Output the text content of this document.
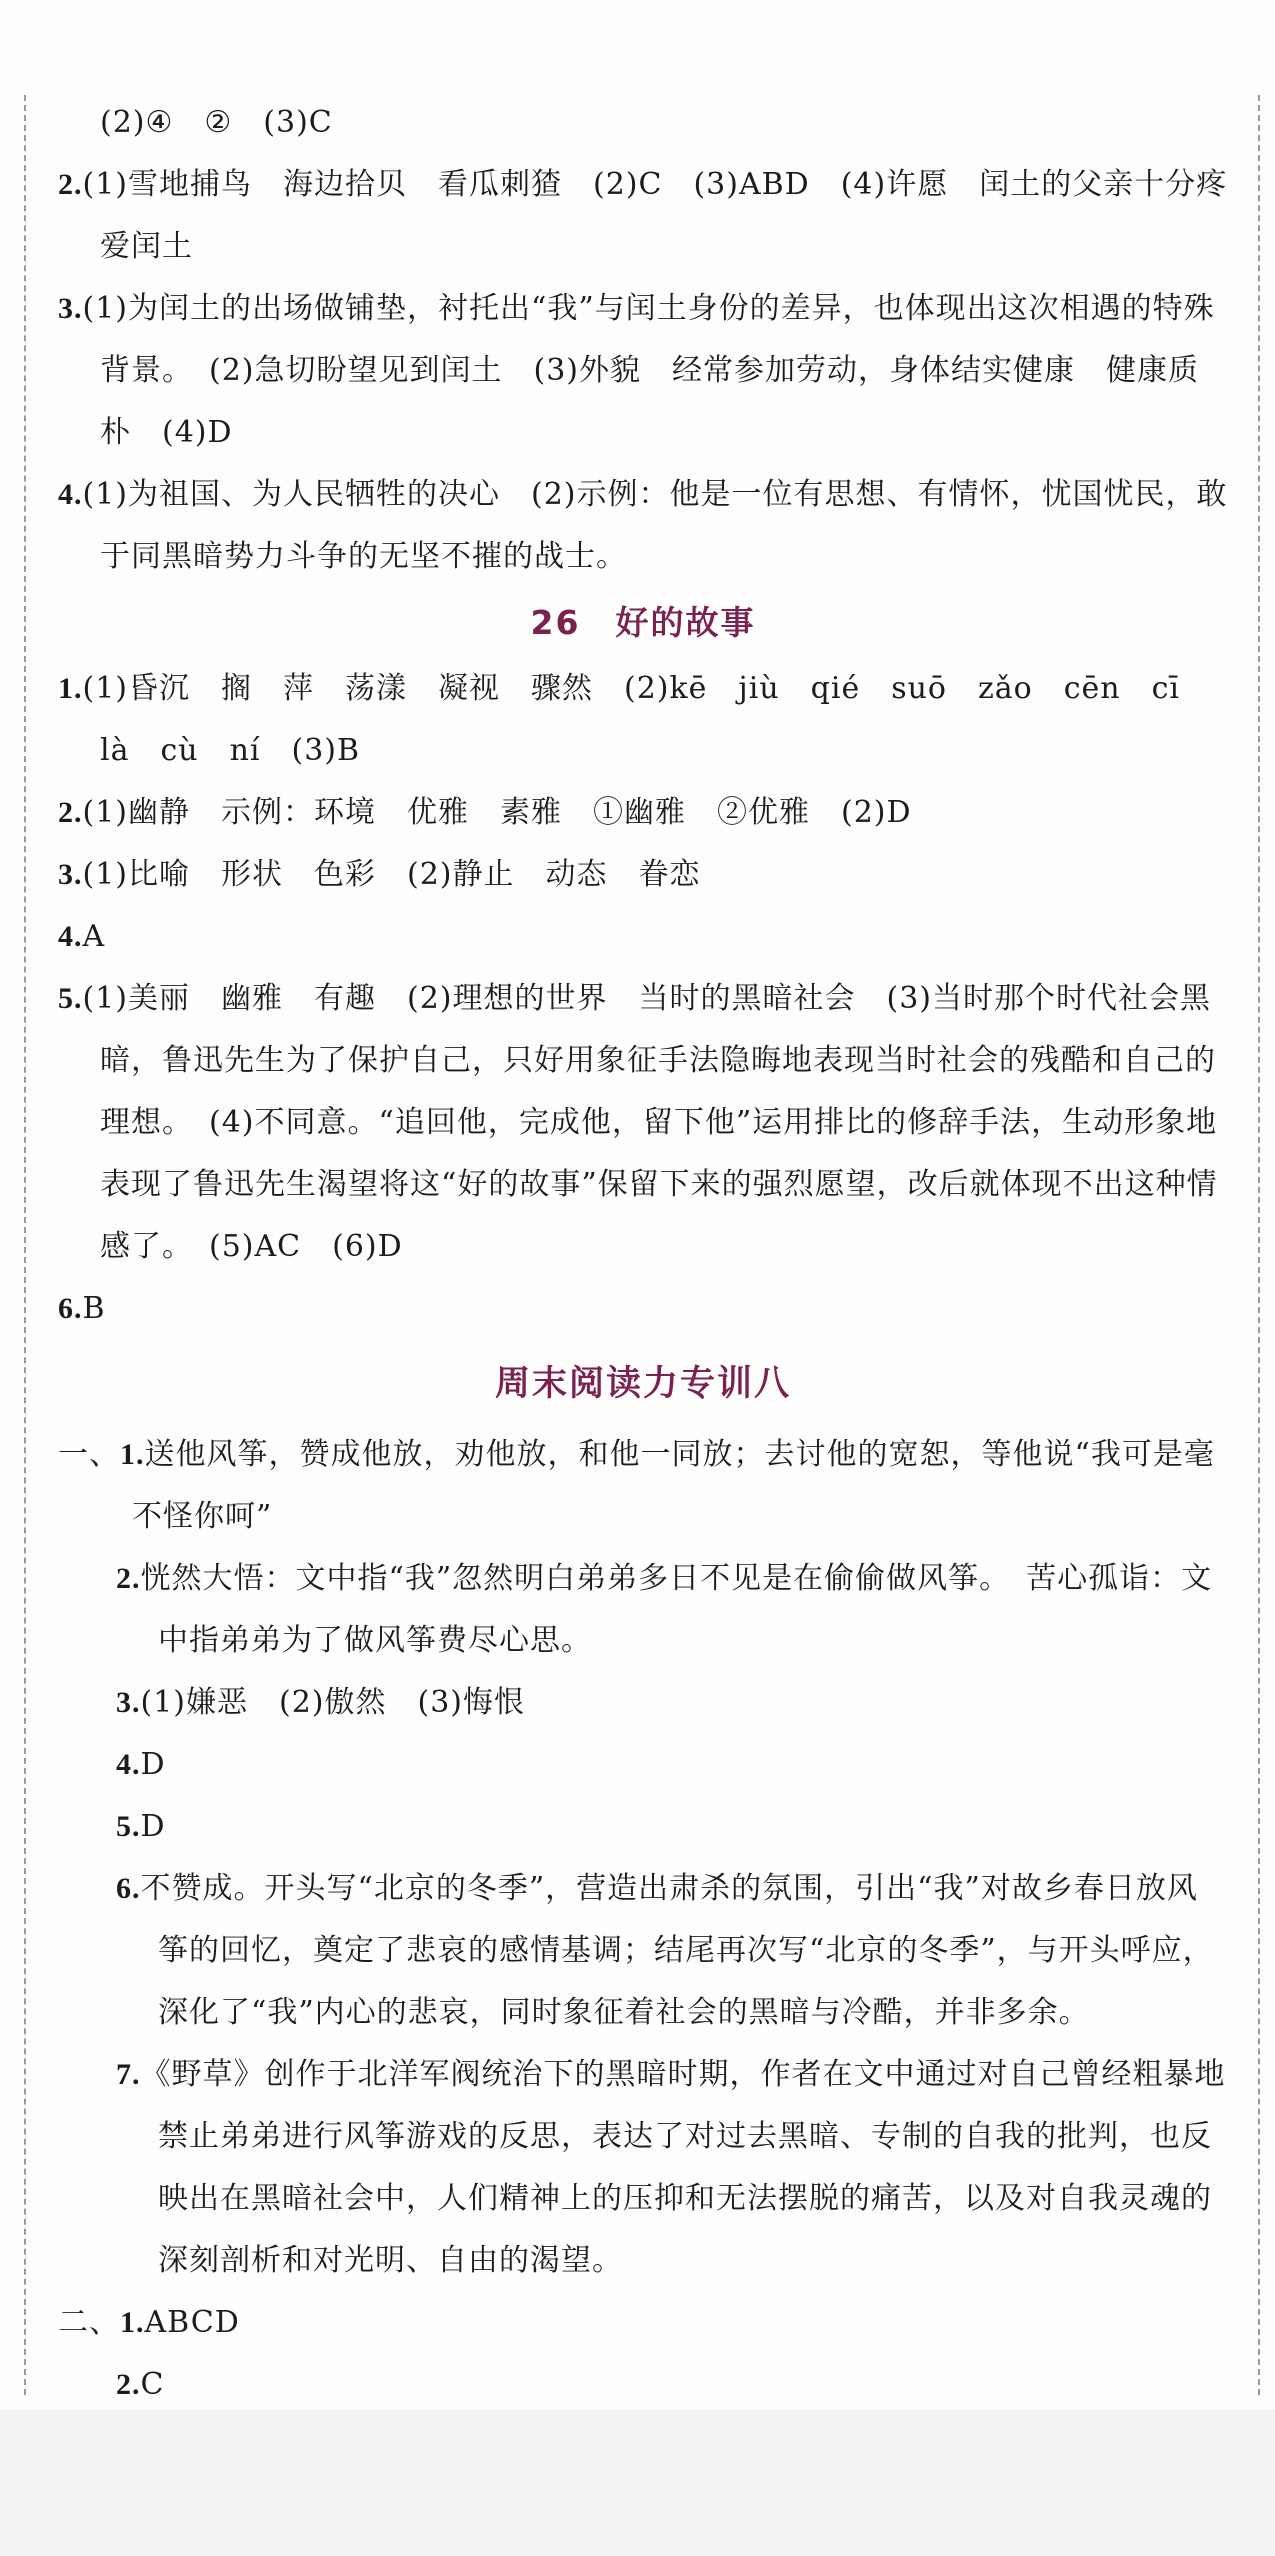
(2)④　②　(3)C
2.(1)雪地捕鸟　海边拾贝　看瓜刺猹　(2)C　(3)ABD　(4)许愿　闰土的父亲十分疼爱闰土
3.(1)为闰土的出场做铺垫，衬托出“我”与闰土身份的差异，也体现出这次相遇的特殊背景。　(2)急切盼望见到闰土　(3)外貌　经常参加劳动，身体结实健康　健康质朴　(4)D
4.(1)为祖国、为人民牺牲的决心　(2)示例：他是一位有思想、有情怀，忧国忧民，敢于同黑暗势力斗争的无坚不摧的战士。
26　好的故事
1.(1)昏沉　搁　萍　荡漾　凝视　骤然　(2)kē　jiù　qié　suō　zǎo　cēn　cī　là　cù　ní　(3)B
2.(1)幽静　示例：环境　优雅　素雅　①幽雅　②优雅　(2)D
3.(1)比喻　形状　色彩　(2)静止　动态　眷恋
4.A
5.(1)美丽　幽雅　有趣　(2)理想的世界　当时的黑暗社会　(3)当时那个时代社会黑暗，鲁迅先生为了保护自己，只好用象征手法隐晦地表现当时社会的残酷和自己的理想。　(4)不同意。“追回他，完成他，留下他”运用排比的修辞手法，生动形象地表现了鲁迅先生渴望将这“好的故事”保留下来的强烈愿望，改后就体现不出这种情感了。　(5)AC　(6)D
6.B
周末阅读力专训八
一、1.送他风筝，赞成他放，劝他放，和他一同放；去讨他的宽恕，等他说“我可是毫不怪你呵”
2.恍然大悟：文中指“我”忽然明白弟弟多日不见是在偷偷做风筝。　苦心孤诣：文中指弟弟为了做风筝费尽心思。
3.(1)嫌恶　(2)傲然　(3)悔恨
4.D
5.D
6.不赞成。开头写“北京的冬季”，营造出肃杀的氛围，引出“我”对故乡春日放风筝的回忆，奠定了悲哀的感情基调；结尾再次写“北京的冬季”，与开头呼应，深化了“我”内心的悲哀，同时象征着社会的黑暗与冷酷，并非多余。
7.《野草》创作于北洋军阀统治下的黑暗时期，作者在文中通过对自己曾经粗暴地禁止弟弟进行风筝游戏的反思，表达了对过去黑暗、专制的自我的批判，也反映出在黑暗社会中，人们精神上的压抑和无法摆脱的痛苦，以及对自我灵魂的深刻剖析和对光明、自由的渴望。
二、1.ABCD
2.C
